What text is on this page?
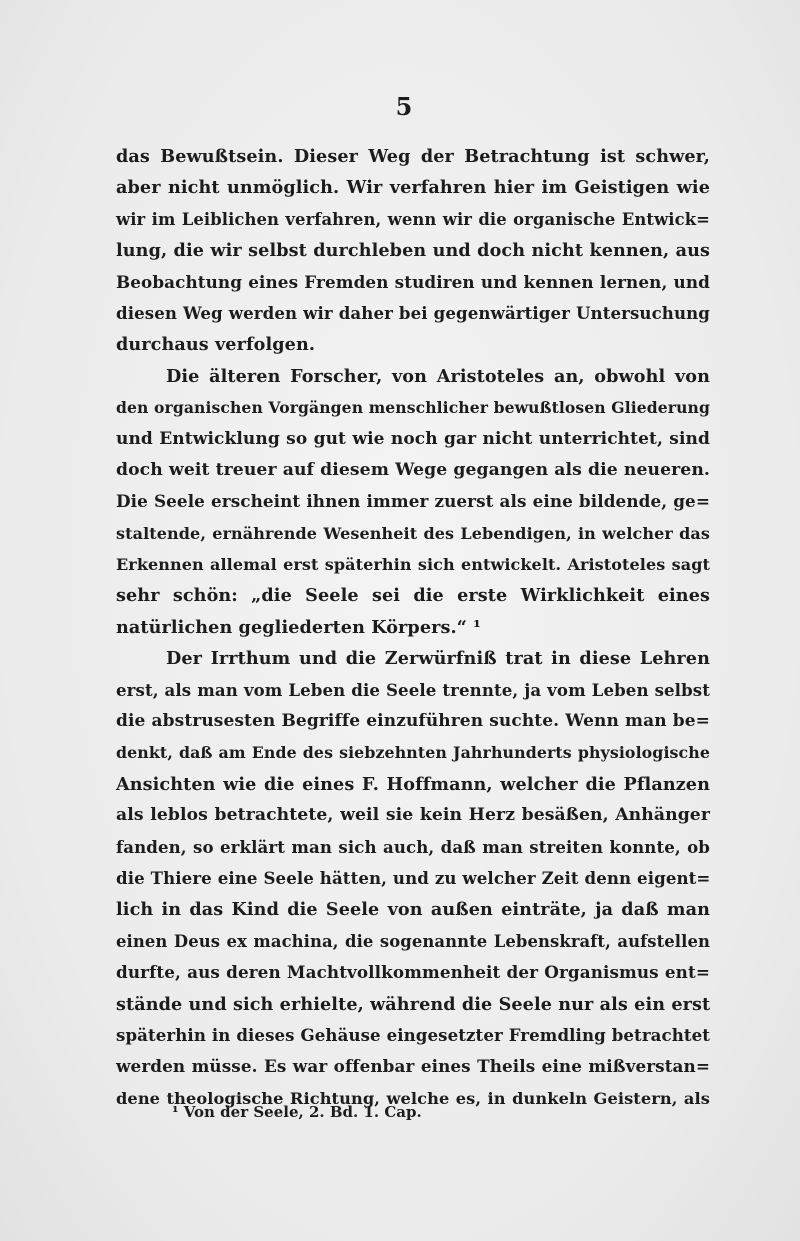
5
das Bewußtsein. Dieser Weg der Betrachtung ist schwer,
aber nicht unmöglich. Wir verfahren hier im Geistigen wie
wir im Leiblichen verfahren, wenn wir die organische Entwick=
lung, die wir selbst durchleben und doch nicht kennen, aus
Beobachtung eines Fremden studiren und kennen lernen, und
diesen Weg werden wir daher bei gegenwärtiger Untersuchung
durchaus verfolgen.
Die älteren Forscher, von Aristoteles an, obwohl von
den organischen Vorgängen menschlicher bewußtlosen Gliederung
und Entwicklung so gut wie noch gar nicht unterrichtet, sind
doch weit treuer auf diesem Wege gegangen als die neueren.
Die Seele erscheint ihnen immer zuerst als eine bildende, ge=
staltende, ernährende Wesenheit des Lebendigen, in welcher das
Erkennen allemal erst späterhin sich entwickelt. Aristoteles sagt
sehr schön: „die Seele sei die erste Wirklichkeit eines
natürlichen gegliederten Körpers.“ ¹
Der Irrthum und die Zerwürfniß trat in diese Lehren
erst, als man vom Leben die Seele trennte, ja vom Leben selbst
die abstrusesten Begriffe einzuführen suchte. Wenn man be=
denkt, daß am Ende des siebzehnten Jahrhunderts physiologische
Ansichten wie die eines F. Hoffmann, welcher die Pflanzen
als leblos betrachtete, weil sie kein Herz besäßen, Anhänger
fanden, so erklärt man sich auch, daß man streiten konnte, ob
die Thiere eine Seele hätten, und zu welcher Zeit denn eigent=
lich in das Kind die Seele von außen einträte, ja daß man
einen Deus ex machina, die sogenannte Lebenskraft, aufstellen
durfte, aus deren Machtvollkommenheit der Organismus ent=
stände und sich erhielte, während die Seele nur als ein erst
späterhin in dieses Gehäuse eingesetzter Fremdling betrachtet
werden müsse. Es war offenbar eines Theils eine mißverstan=
dene theologische Richtung, welche es, in dunkeln Geistern, als
¹ Von der Seele, 2. Bd. 1. Cap.
